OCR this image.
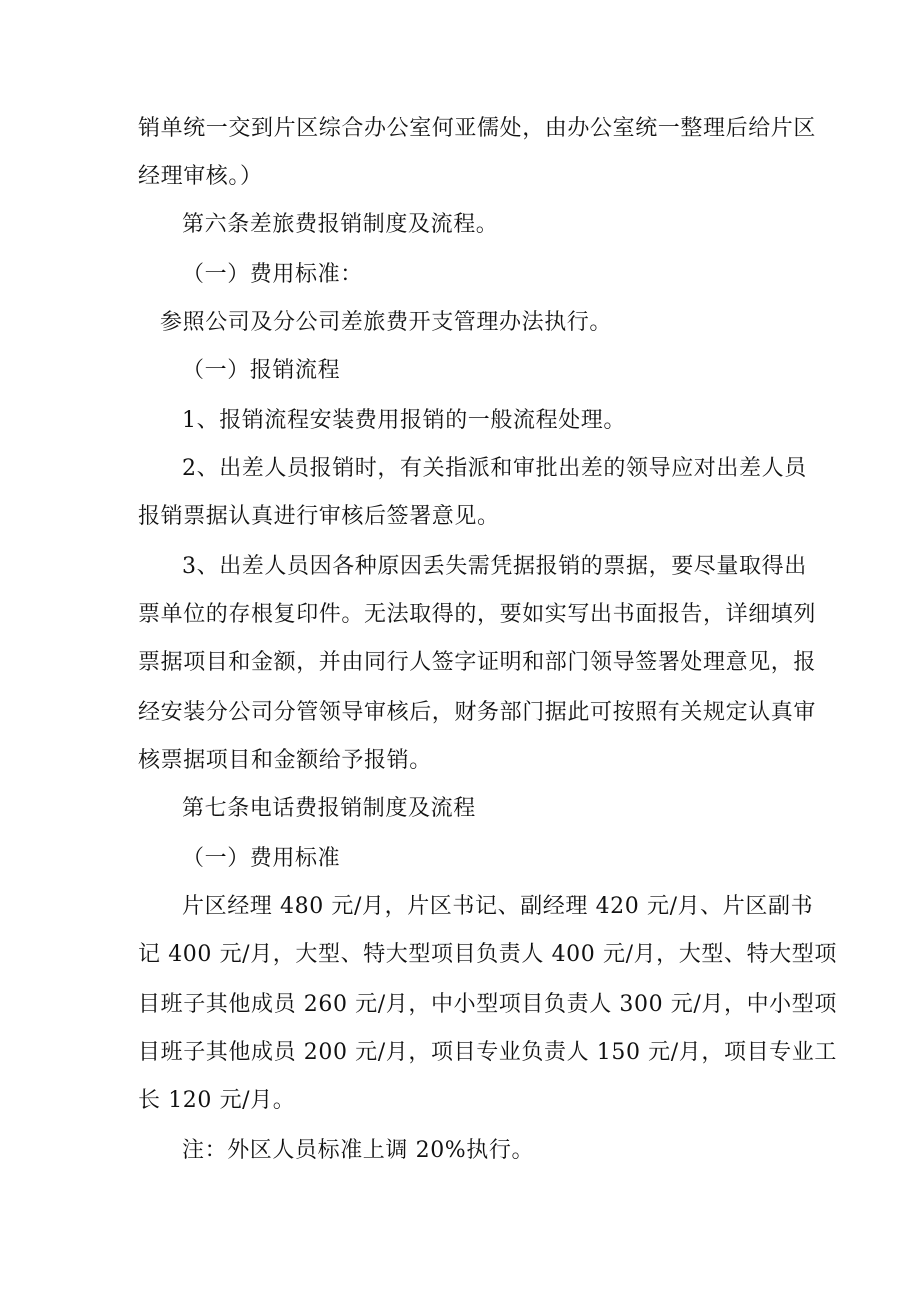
销单统一交到片区综合办公室何亚儒处，由办公室统一整理后给片区
经理审核。）
第六条差旅费报销制度及流程。
（一）费用标准：
参照公司及分公司差旅费开支管理办法执行。
（一）报销流程
1、报销流程安装费用报销的一般流程处理。
2、出差人员报销时，有关指派和审批出差的领导应对出差人员
报销票据认真进行审核后签署意见。
3、出差人员因各种原因丢失需凭据报销的票据，要尽量取得出
票单位的存根复印件。无法取得的，要如实写出书面报告，详细填列
票据项目和金额，并由同行人签字证明和部门领导签署处理意见，报
经安装分公司分管领导审核后，财务部门据此可按照有关规定认真审
核票据项目和金额给予报销。
第七条电话费报销制度及流程
（一）费用标准
片区经理 480 元/月，片区书记、副经理 420 元/月、片区副书
记 400 元/月，大型、特大型项目负责人 400 元/月，大型、特大型项
目班子其他成员 260 元/月，中小型项目负责人 300 元/月，中小型项
目班子其他成员 200 元/月，项目专业负责人 150 元/月，项目专业工
长 120 元/月。
注：外区人员标准上调 20%执行。
